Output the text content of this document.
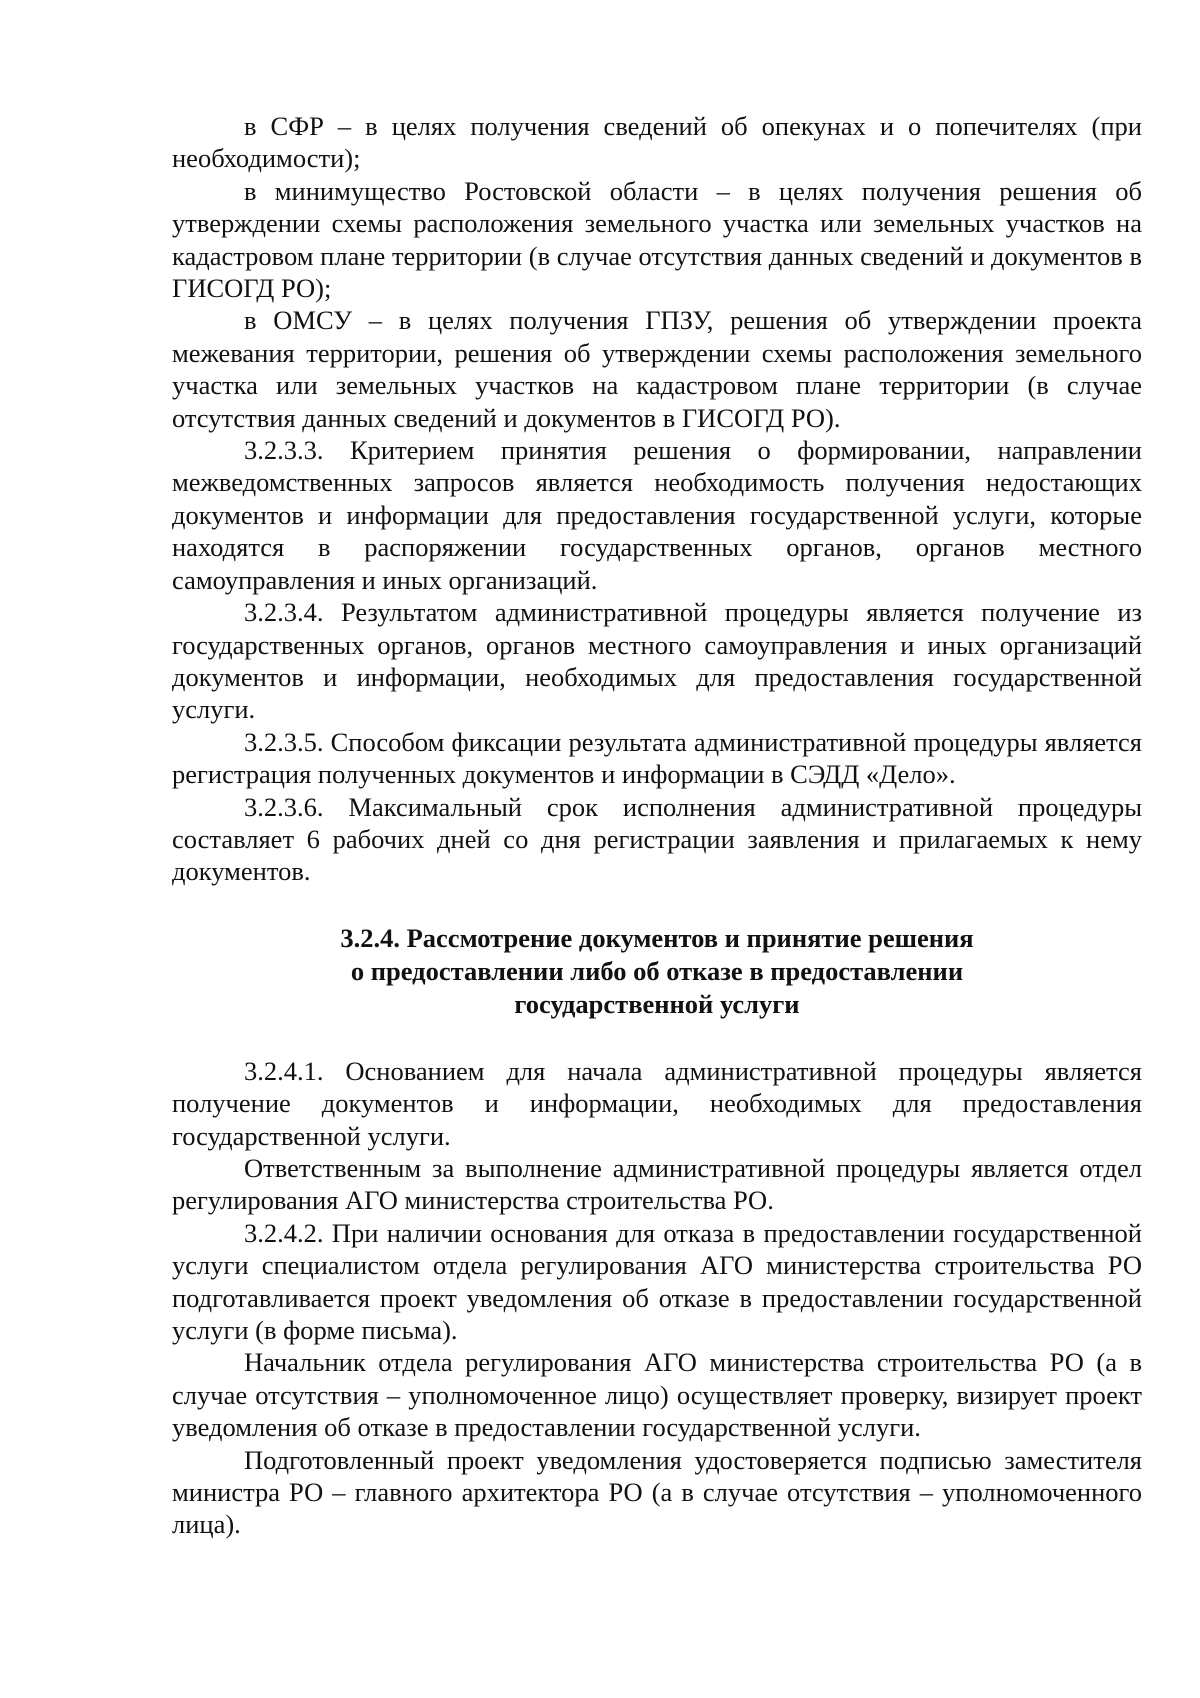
в СФР – в целях получения сведений об опекунах и о попечителях (при необходимости);

в минимущество Ростовской области – в целях получения решения об утверждении схемы расположения земельного участка или земельных участков на кадастровом плане территории (в случае отсутствия данных сведений и документов в ГИСОГД РО);

в ОМСУ – в целях получения ГПЗУ, решения об утверждении проекта межевания территории, решения об утверждении схемы расположения земельного участка или земельных участков на кадастровом плане территории (в случае отсутствия данных сведений и документов в ГИСОГД РО).

3.2.3.3. Критерием принятия решения о формировании, направлении межведомственных запросов является необходимость получения недостающих документов и информации для предоставления государственной услуги, которые находятся в распоряжении государственных органов, органов местного самоуправления и иных организаций.

3.2.3.4. Результатом административной процедуры является получение из государственных органов, органов местного самоуправления и иных организаций документов и информации, необходимых для предоставления государственной услуги.

3.2.3.5. Способом фиксации результата административной процедуры является регистрация полученных документов и информации в СЭДД «Дело».

3.2.3.6. Максимальный срок исполнения административной процедуры составляет 6 рабочих дней со дня регистрации заявления и прилагаемых к нему документов.

3.2.4. Рассмотрение документов и принятие решения
о предоставлении либо об отказе в предоставлении
государственной услуги

3.2.4.1. Основанием для начала административной процедуры является получение документов и информации, необходимых для предоставления государственной услуги.

Ответственным за выполнение административной процедуры является отдел регулирования АГО министерства строительства РО.

3.2.4.2. При наличии основания для отказа в предоставлении государственной услуги специалистом отдела регулирования АГО министерства строительства РО подготавливается проект уведомления об отказе в предоставлении государственной услуги (в форме письма).

Начальник отдела регулирования АГО министерства строительства РО (а в случае отсутствия – уполномоченное лицо) осуществляет проверку, визирует проект уведомления об отказе в предоставлении государственной услуги.

Подготовленный проект уведомления удостоверяется подписью заместителя министра РО – главного архитектора РО (а в случае отсутствия – уполномоченного лица).
